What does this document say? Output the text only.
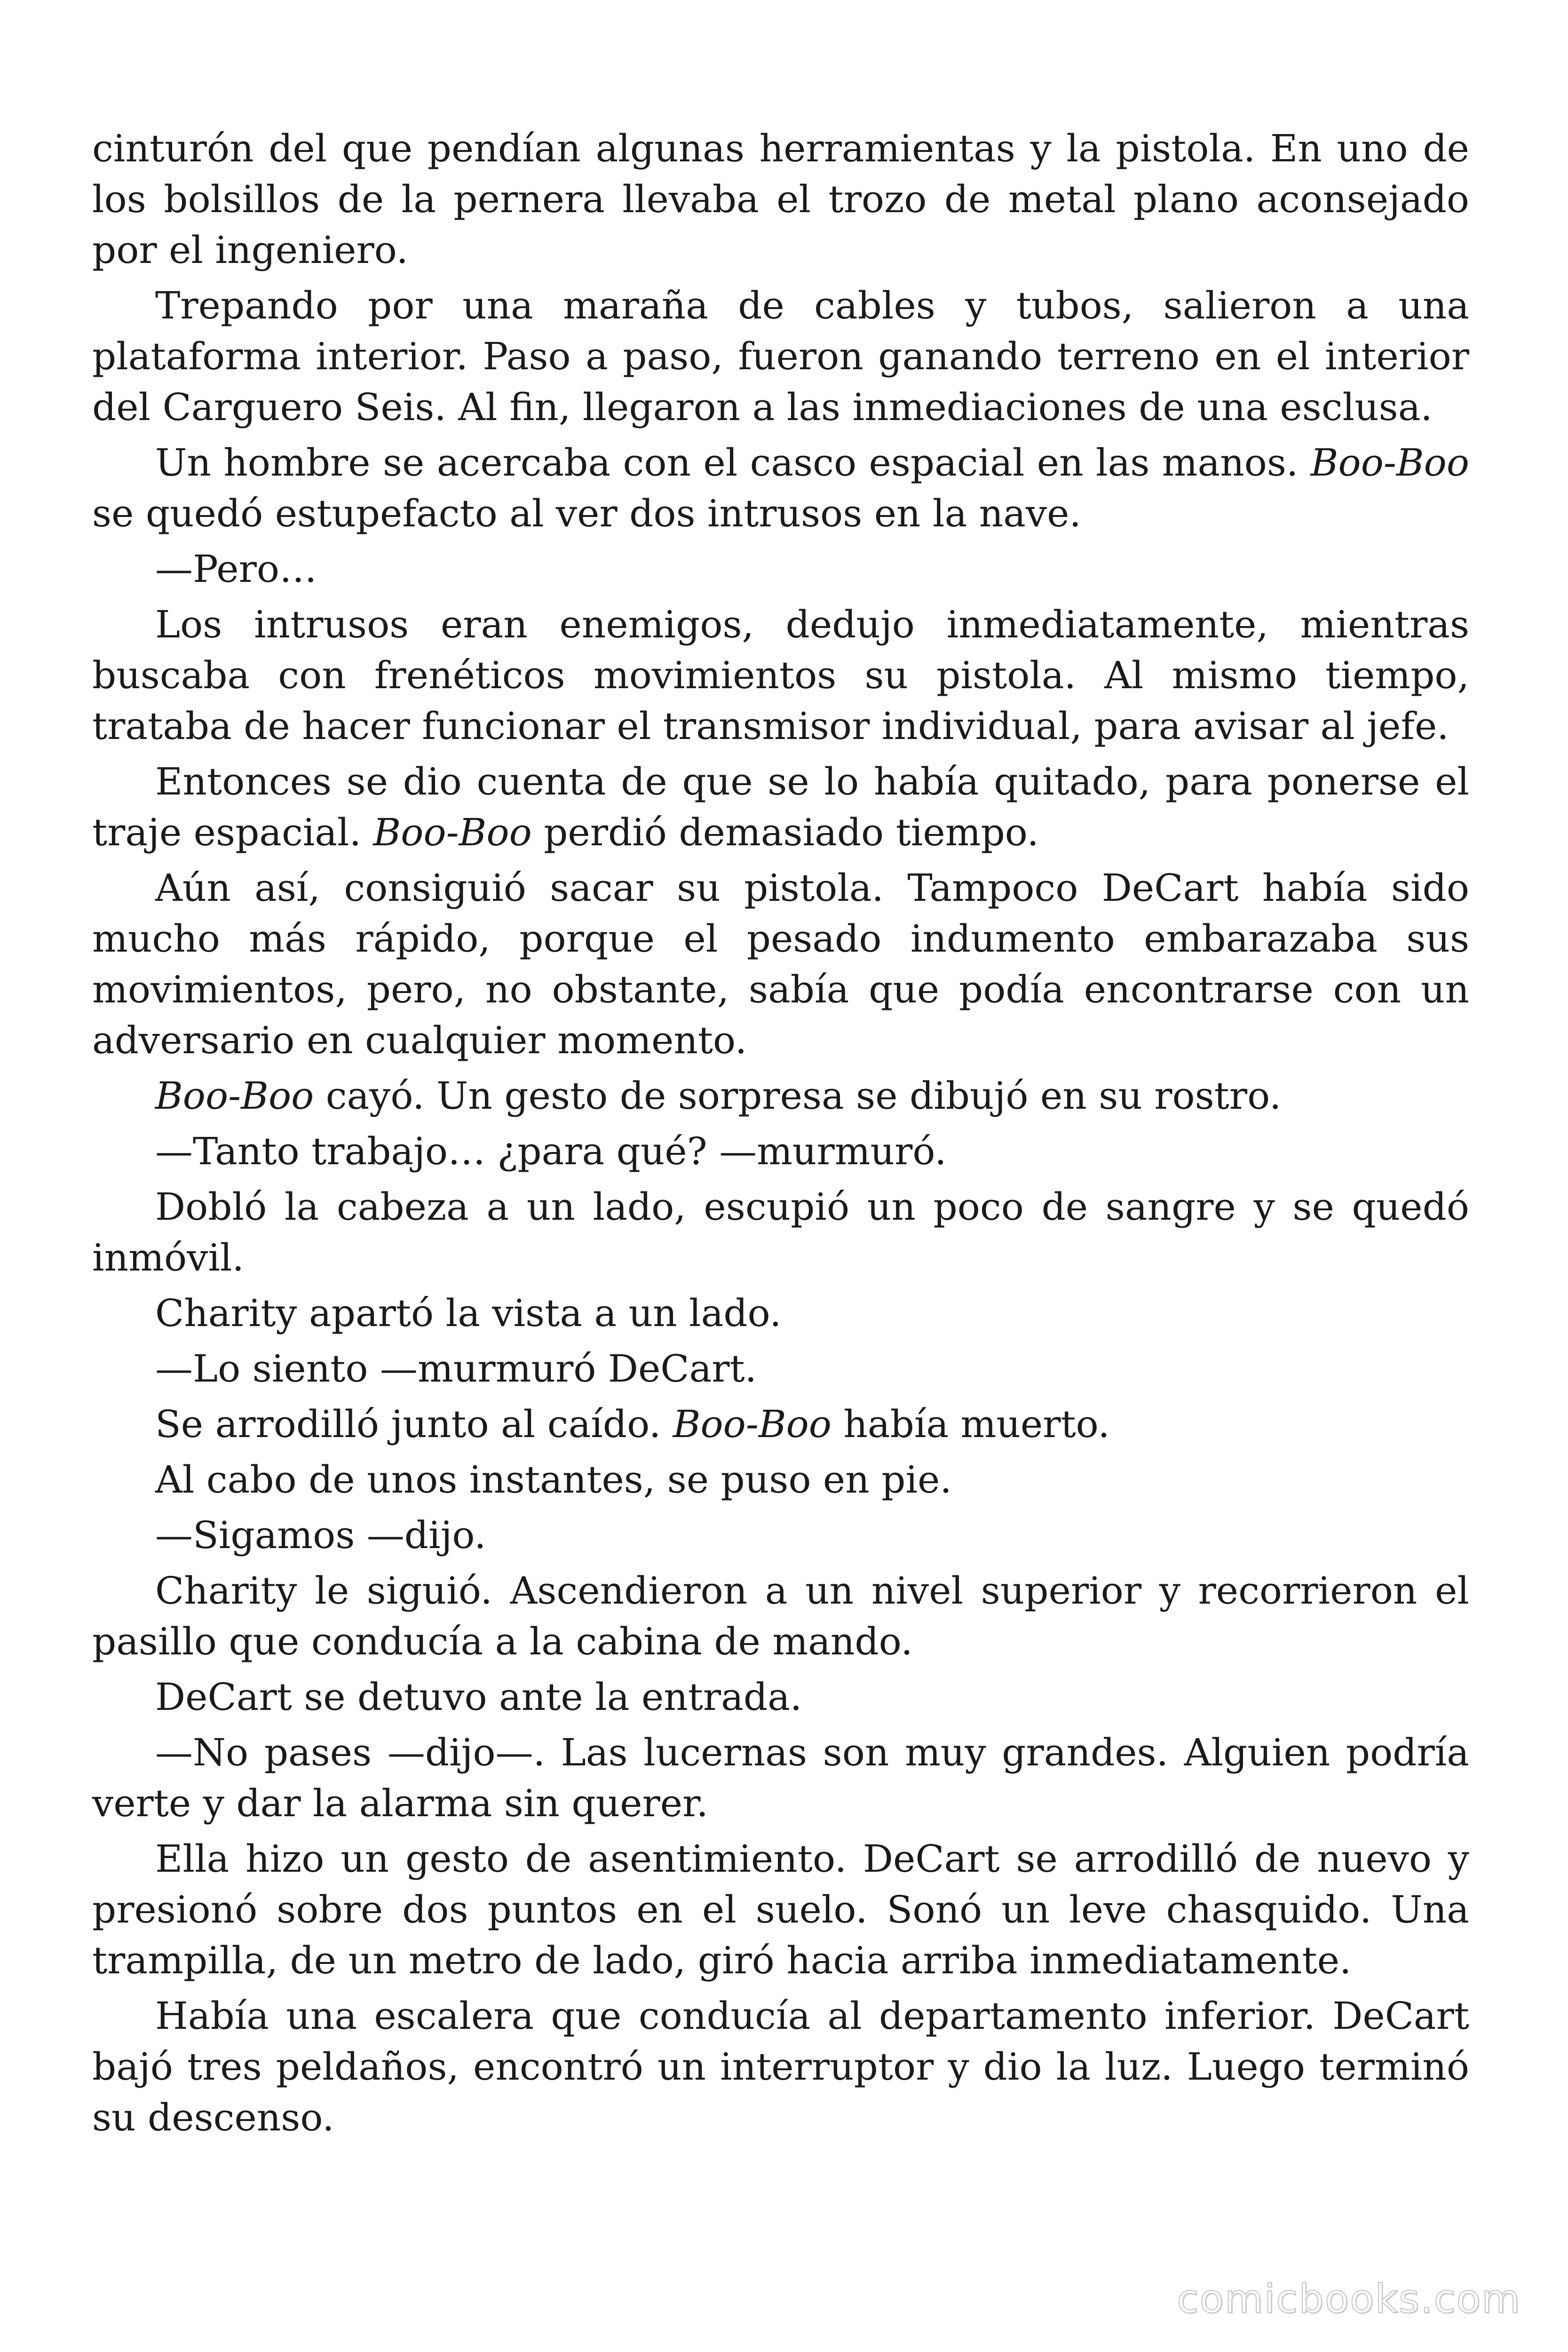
cinturón del que pendían algunas herramientas y la pistola. En uno de los bolsillos de la pernera llevaba el trozo de metal plano aconsejado por el ingeniero.

Trepando por una maraña de cables y tubos, salieron a una plataforma interior. Paso a paso, fueron ganando terreno en el interior del Carguero Seis. Al fin, llegaron a las inmediaciones de una esclusa.

Un hombre se acercaba con el casco espacial en las manos. Boo-Boo se quedó estupefacto al ver dos intrusos en la nave.

—Pero…

Los intrusos eran enemigos, dedujo inmediatamente, mientras buscaba con frenéticos movimientos su pistola. Al mismo tiempo, trataba de hacer funcionar el transmisor individual, para avisar al jefe.

Entonces se dio cuenta de que se lo había quitado, para ponerse el traje espacial. Boo-Boo perdió demasiado tiempo.

Aún así, consiguió sacar su pistola. Tampoco DeCart había sido mucho más rápido, porque el pesado indumento embarazaba sus movimientos, pero, no obstante, sabía que podía encontrarse con un adversario en cualquier momento.

Boo-Boo cayó. Un gesto de sorpresa se dibujó en su rostro.

—Tanto trabajo… ¿para qué? —murmuró.

Dobló la cabeza a un lado, escupió un poco de sangre y se quedó inmóvil.

Charity apartó la vista a un lado.

—Lo siento —murmuró DeCart.

Se arrodilló junto al caído. Boo-Boo había muerto.

Al cabo de unos instantes, se puso en pie.

—Sigamos —dijo.

Charity le siguió. Ascendieron a un nivel superior y recorrieron el pasillo que conducía a la cabina de mando.

DeCart se detuvo ante la entrada.

—No pases —dijo—. Las lucernas son muy grandes. Alguien podría verte y dar la alarma sin querer.

Ella hizo un gesto de asentimiento. DeCart se arrodilló de nuevo y presionó sobre dos puntos en el suelo. Sonó un leve chasquido. Una trampilla, de un metro de lado, giró hacia arriba inmediatamente.

Había una escalera que conducía al departamento inferior. DeCart bajó tres peldaños, encontró un interruptor y dio la luz. Luego terminó su descenso.

comicbooks.com
